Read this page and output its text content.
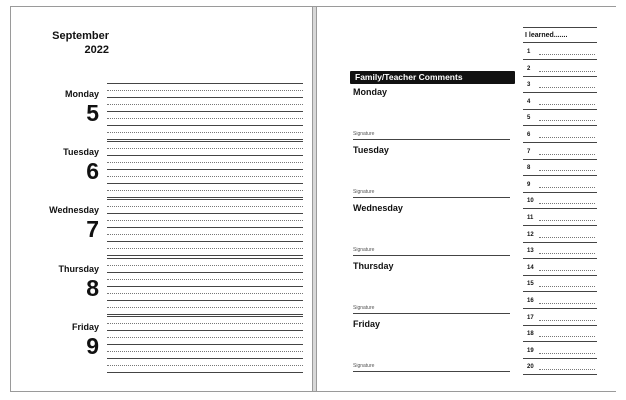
September
2022
Monday
5
Tuesday
6
Wednesday
7
Thursday
8
Friday
9
Family/Teacher Comments
Monday
Signature
Tuesday
Signature
Wednesday
Signature
Thursday
Signature
Friday
Signature
I learned.......
1
2
3
4
5
6
7
8
9
10
11
12
13
14
15
16
17
18
19
20
